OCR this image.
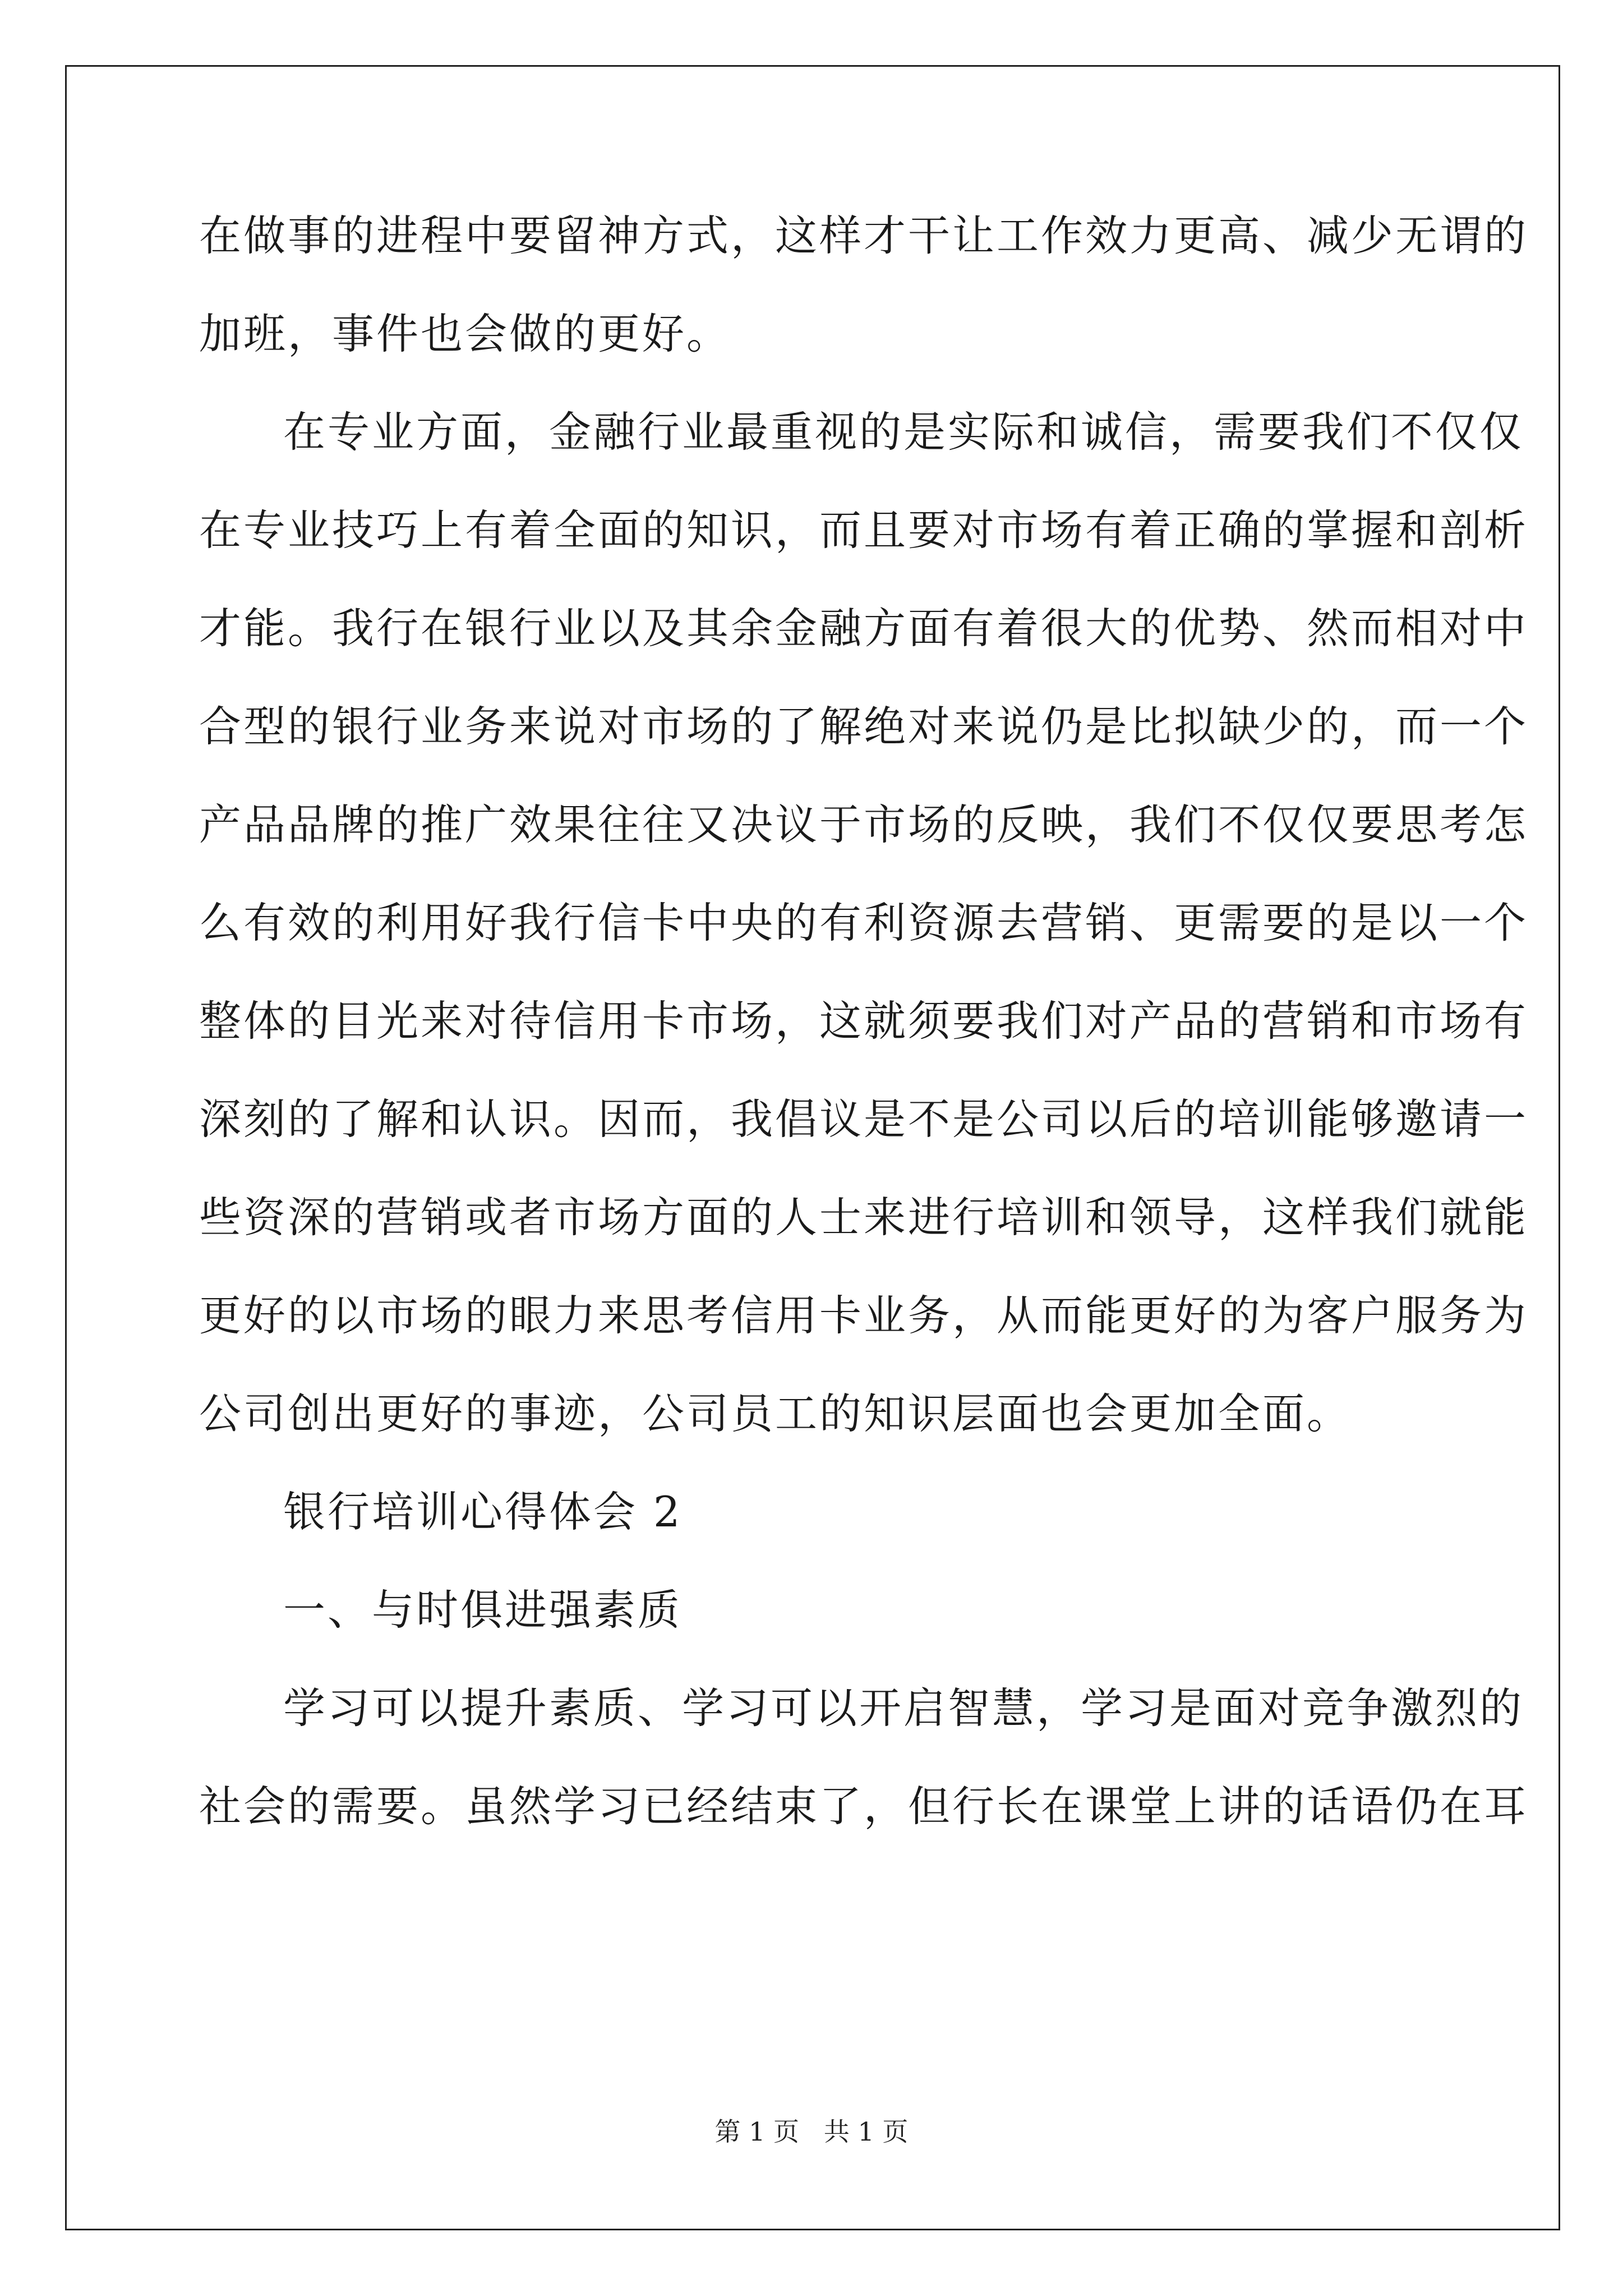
在做事的进程中要留神方式，这样才干让工作效力更高、减少无谓的
加班，事件也会做的更好。
在专业方面，金融行业最重视的是实际和诚信，需要我们不仅仅
在专业技巧上有着全面的知识，而且要对市场有着正确的掌握和剖析
才能。我行在银行业以及其余金融方面有着很大的优势、然而相对中
合型的银行业务来说对市场的了解绝对来说仍是比拟缺少的，而一个
产品品牌的推广效果往往又决议于市场的反映，我们不仅仅要思考怎
么有效的利用好我行信卡中央的有利资源去营销、更需要的是以一个
整体的目光来对待信用卡市场，这就须要我们对产品的营销和市场有
深刻的了解和认识。因而，我倡议是不是公司以后的培训能够邀请一
些资深的营销或者市场方面的人士来进行培训和领导，这样我们就能
更好的以市场的眼力来思考信用卡业务，从而能更好的为客户服务为
公司创出更好的事迹，公司员工的知识层面也会更加全面。
银行培训心得体会 2
一、与时俱进强素质
学习可以提升素质、学习可以开启智慧，学习是面对竞争激烈的
社会的需要。虽然学习已经结束了，但行长在课堂上讲的话语仍在耳
第 1 页   共 1 页
